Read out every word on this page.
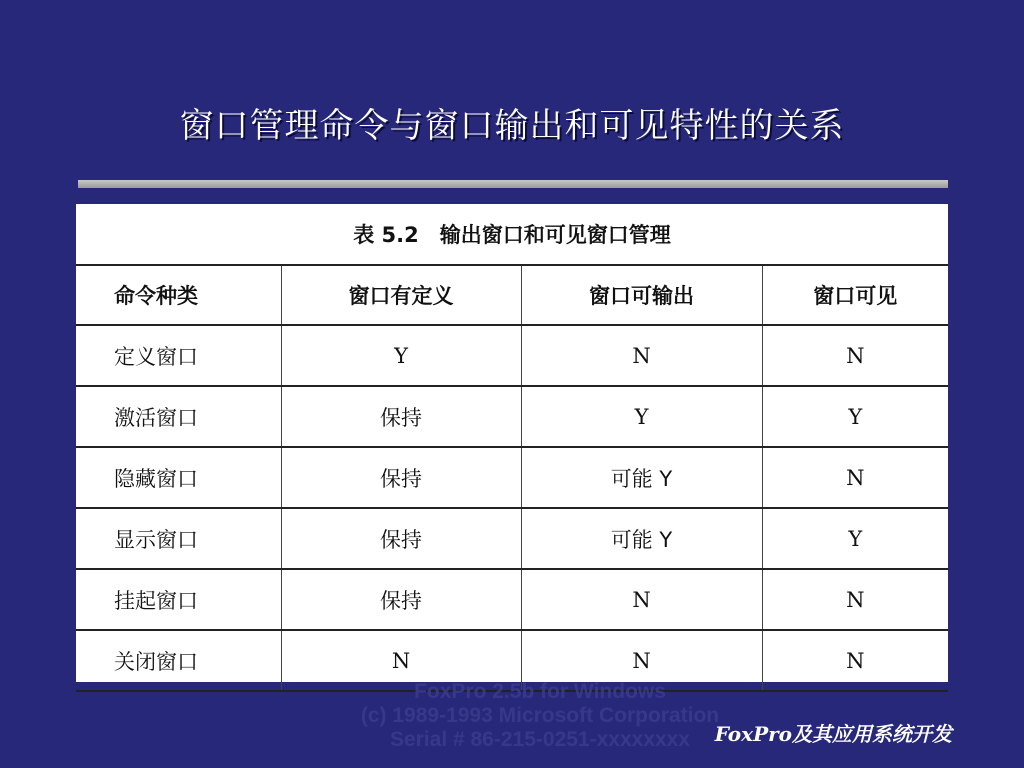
窗口管理命令与窗口输出和可见特性的关系
表 5.2　输出窗口和可见窗口管理
命令种类	窗口有定义	窗口可输出	窗口可见
定义窗口	Y	N	N
激活窗口	保持	Y	Y
隐藏窗口	保持	可能 Y	N
显示窗口	保持	可能 Y	Y
挂起窗口	保持	N	N
关闭窗口	N	N	N
FoxPro 2.5b for Windows
(c) 1989-1993 Microsoft Corporation
Serial # 86-215-0251-xxxxxxxx	FoxPro及其应用系统开发
